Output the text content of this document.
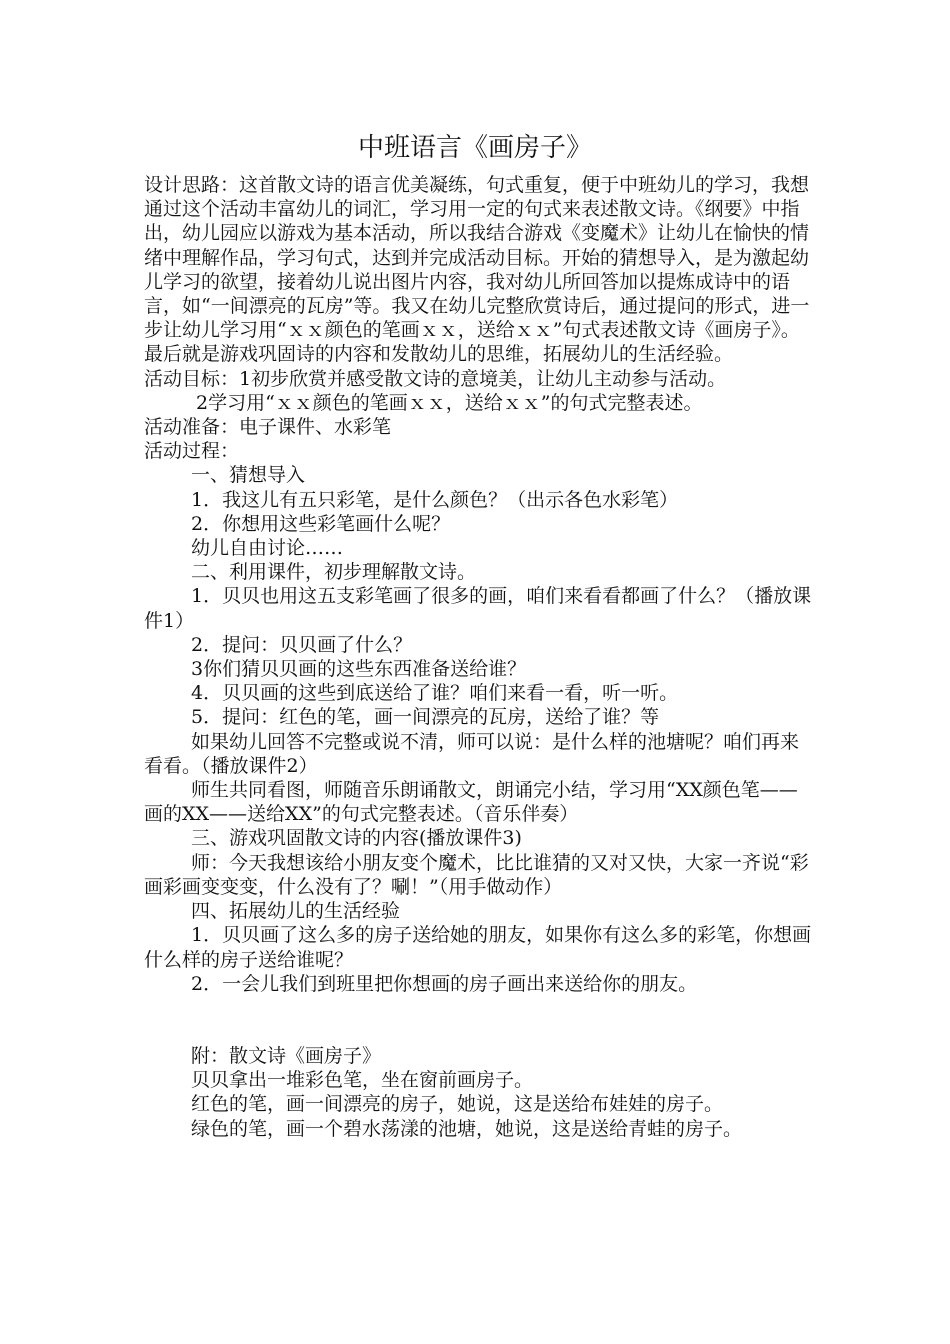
中班语言《画房子》

设计思路：这首散文诗的语言优美凝练，句式重复，便于中班幼儿的学习，我想通过这个活动丰富幼儿的词汇，学习用一定的句式来表述散文诗。《纲要》中指出，幼儿园应以游戏为基本活动，所以我结合游戏《变魔术》让幼儿在愉快的情绪中理解作品，学习句式，达到并完成活动目标。开始的猜想导入，是为激起幼儿学习的欲望，接着幼儿说出图片内容，我对幼儿所回答加以提炼成诗中的语言，如“一间漂亮的瓦房”等。我又在幼儿完整欣赏诗后，通过提问的形式，进一步让幼儿学习用“ｘｘ颜色的笔画ｘｘ，送给ｘｘ”句式表述散文诗《画房子》。最后就是游戏巩固诗的内容和发散幼儿的思维，拓展幼儿的生活经验。

活动目标：1初步欣赏并感受散文诗的意境美，让幼儿主动参与活动。

2学习用“ｘｘ颜色的笔画ｘｘ，送给ｘｘ”的句式完整表述。

活动准备：电子课件、水彩笔

活动过程：

一、猜想导入

1．我这儿有五只彩笔，是什么颜色？（出示各色水彩笔）

2．你想用这些彩笔画什么呢？

幼儿自由讨论……

二、利用课件，初步理解散文诗。

1．贝贝也用这五支彩笔画了很多的画，咱们来看看都画了什么？（播放课件1）

2．提问：贝贝画了什么？

3你们猜贝贝画的这些东西准备送给谁？

4．贝贝画的这些到底送给了谁？咱们来看一看，听一听。

5．提问：红色的笔，画一间漂亮的瓦房，送给了谁？等

如果幼儿回答不完整或说不清，师可以说：是什么样的池塘呢？咱们再来看看。（播放课件2）

师生共同看图，师随音乐朗诵散文，朗诵完小结，学习用“XX颜色笔——画的XX——送给XX”的句式完整表述。（音乐伴奏）

三、游戏巩固散文诗的内容(播放课件3)

师：今天我想该给小朋友变个魔术，比比谁猜的又对又快，大家一齐说“彩画彩画变变变，什么没有了？唰！”（用手做动作）

四、拓展幼儿的生活经验

1．贝贝画了这么多的房子送给她的朋友，如果你有这么多的彩笔，你想画什么样的房子送给谁呢？

2．一会儿我们到班里把你想画的房子画出来送给你的朋友。

附：散文诗《画房子》

贝贝拿出一堆彩色笔，坐在窗前画房子。

红色的笔，画一间漂亮的房子，她说，这是送给布娃娃的房子。

绿色的笔，画一个碧水荡漾的池塘，她说，这是送给青蛙的房子。
